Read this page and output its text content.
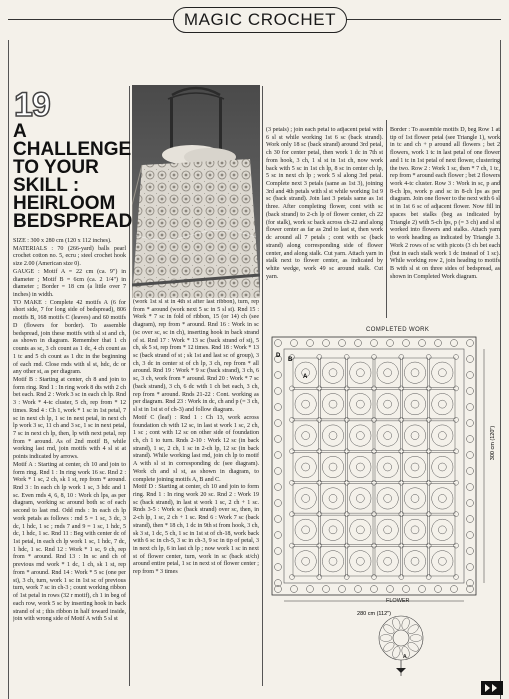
MAGIC CROCHET
19
A
CHALLENGE
TO YOUR
SKILL :
HEIRLOOM
BEDSPREAD

SIZE : 300 x 280 cm (120 x 112 inches).

MATERIALS : 70 (266-yard) balls pearl crochet cotton no. 5, ecru ; steel crochet hook size 2.00 (American size 0).

GAUGE : Motif A = 22 cm (ca. 9") in diameter ; Motif B = 6cm (ca. 2 1/4") in diameter ; Border = 18 cm (a little over 7 inches) in width.

TO MAKE : Complete 42 motifs A (6 for short side, 7 for long side of bedspread), 806 motifs B, 168 motifs C (leaves) and 60 motifs D (flowers for border). To assemble bedspread, join these motifs with sl st and ch, as shown in diagram. Remember that 1 ch counts as sc, 3 ch count as 1 dc, 4 ch count as 1 tc and 5 ch count as 1 dtc in the beginning of each rnd. Close rnds with sl st, hdc, dc or any other st, as per diagram.

Motif B : Starting at center, ch 8 and join to form ring. Rnd 1 : In ring work 8 dts with 2 ch bet each. Rnd 2 : Work 3 sc in each ch lp. Rnd 3 : Work * 4-tc cluster, 5 ch, rep from * 12 times. Rnd 4 : Ch 1, work * 1 sc in 1st petal, 7 sc in next ch lp, 1 sc in next petal, in next ch lp work 3 sc, 11 ch and 3 sc, 1 sc in next petal, 7 sc in next ch lp, then, lp with next petal, rep from * around. As of 2nd motif B, while working last rnd, join motifs with 4 sl st at points indicated by arrows.

Motif A : Starting at center, ch 10 and join to form ring. Rnd 1 : In ring work 16 sc. Rnd 2 : Work * 1 sc, 2 ch, sk 1 st, rep from * around. Rnd 3 : In each ch lp work 1 sc, 3 hdc and 1 sc. Even rnds 4, 6, 8, 10 : Work ch lps, as per diagram, working sc around both sc of each second to last rnd. Odd rnds : In each ch lp work petals as follows : rnd 5 = 1 sc, 3 dc, 3 dc, 1 hdc, 1 sc ; rnds 7 and 9 = 1 sc, 1 hdc, 5 dc, 1 hdc, 1 sc. Rnd 11 : Beg with center dc of 1st petal, in each ch lp work 1 sc, 1 hdc, 7 dc, 1 hdc, 1 sc. Rnd 12 : Work * 1 sc, 9 ch, rep from * around. Rnd 13 : In sc and ch of previous rnd work * 1 dc, 1 ch, sk 1 st, rep from * around. Rnd 14 : Work * 5 sc (one per st), 3 ch, turn, work 1 sc in 1st sc of previous turn, work 7 sc in ch-3 ; count working ribbon of 1st petal in rows (32 r motif), ch 1 in beg of each row, work 5 sc by inserting hook in back strand of st ; this ribbon in half toward inside, join with wrong side of Motif A with 5 sl st

(work 1st sl st in 4th st after last ribbon), turn, rep from * around (work next 5 sc in 5 sl st). Rnd 15 : Work * 7 sc in fold of ribbon, 15 (or 14) ch (see diagram), rep from * around. Rnd 16 : Work in sc (sc over sc, sc in ch), inserting hook in back strand of st. Rnd 17 : Work * 13 sc (back strand of st), 5 ch, sk 5 st, rep from * 12 times. Rnd 18 : Work * 13 sc (back strand of st ; sk 1st and last sc of group), 3 ch, 3 dc in center st of ch lp, 3 ch, rep from * all around. Rnd 19 : Work * 9 sc (back strand), 3 ch, 6 sc, 3 ch, work from * around. Rnd 20 : Work * 7 sc (back strand), 3 ch, 6 dc with 1 ch bet each, 3 ch, rep from * around. Rnds 21-22 : Cont. working as per diagram. Rnd 23 : Work in dc, ch and p (= 3 ch, sl st in 1st st of ch-3) and follow diagram.

Motif C (leaf) : Rnd 1 : Ch 13, work across foundation ch with 12 sc, in last st work 1 sc, 2 ch, 1 sc ; cont with 12 sc on other side of foundation ch, ch 1 to turn. Rnds 2-10 : Work 12 sc (in back strand), 1 sc, 2 ch, 1 sc in 2-ch lp, 12 sc (in back strand). While working last rnd, join ch lp to motif A with sl st in corresponding dc (see diagram). Work ch and sl st, as shown in diagram, to complete joining motifs A, B and C.

Motif D : Starting at center, ch 10 and join to form ring. Rnd 1 : In ring work 20 sc. Rnd 2 : Work 19 sc (back strand), in last st work 1 sc, 2 ch + 1 sc. Rnds 3-5 : Work sc (back strand) over sc, then, in 2-ch lp, 1 sc, 2 ch + 1 sc. Rnd 6 : Work 7 sc (back strand), then * 18 ch, 1 dc in 9th st from hook, 3 ch, sk 3 st, 1 dc, 5 ch, 1 sc in 1st st of ch-18, work back with 6 sc in ch-5, 3 sc in ch-3, 9 sc in tip of petal, 3 in next ch lp, 6 in last ch lp ; now work 1 sc in next st of flower center, turn, work in sc (back st/ch) around entire petal, 1 sc in next st of flower center ; rep from * 3 times

(3 petals) ; join each petal to adjacent petal with 6 sl st while working 1st 6 sc (back strand). Work only 18 sc (back strand) around 3rd petal, ch 30 for center petal, then work 1 dc in 7th st from hook, 3 ch, 1 sl st in 1st ch, now work back with 5 sc in 1st ch lp, 8 sc in center ch lp, 5 sc in next ch lp ; work 5 sl along 3rd petal. Complete next 3 petals (same as 1st 3), joining 3rd and 4th petals with sl st while working 1st 9 sc (back strand). Join last 3 petals same as 1st three. After completing flower, cont with sc (back strand) to 2-ch lp of flower center, ch 22 (for stalk), work sc back across ch-22 and along flower center as far as 2nd to last st, then work dc around all 7 petals ; cont with sc (back strand) along corresponding side of flower center, and along stalk. Cut yarn. Attach yarn in stalk next to flower center, as indicated by white wedge, work 49 sc around stalk. Cut yarn.

Border : To assemble motifs D, beg Row 1 at tip of 1st flower petal (see Triangle 1), work in tc and ch + p around all flowers ; bet 2 flowers, work 1 tc in last petal of one flower and 1 tc in 1st petal of next flower, clustering the two. Row 2 : Work 1 sc, then * 7 ch, 1 tc, rep from * around each flower ; bet 2 flowers work 4-tc cluster. Row 3 : Work in sc, p and 8-ch lps, work p and sc in 8-ch lps as per diagram. Join one flower to the next with 6 sl st in 1st 6 sc of adjacent flower. Now fill in spaces bet stalks (beg as indicated by Triangle 2) with 5-ch lps, p (= 3 ch) and sl st worked into flowers and stalks. Attach yarn to work heading as indicated by Triangle 3. Work 2 rows of sc with picots (3 ch bet each (but in each stalk work 1 dc instead of 1 sc). While working row 2, join heading to motifs B with sl st on three sides of bedspread, as shown in Completed Work diagram.

COMPLETED WORK
D
B
A
300 cm (120")
280 cm (112")
A
FLOWER
